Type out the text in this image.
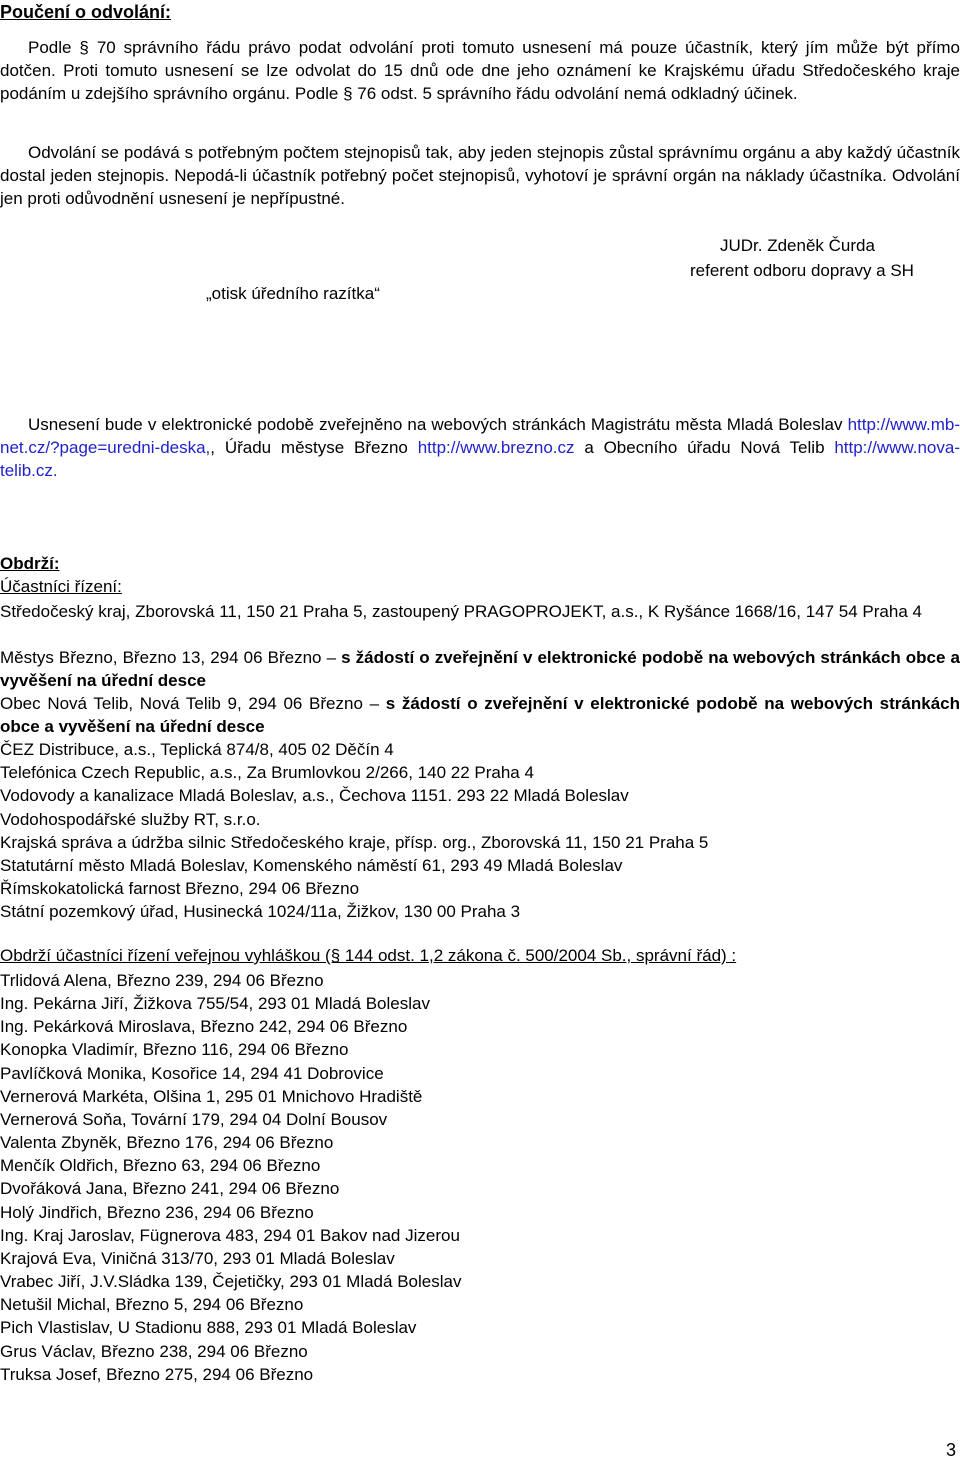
Poučení o odvolání:
Podle § 70 správního řádu právo podat odvolání proti tomuto usnesení má pouze účastník, který jím může být přímo dotčen. Proti tomuto usnesení se lze odvolat do 15 dnů ode dne jeho oznámení ke Krajskému úřadu Středočeského kraje podáním u zdejšího správního orgánu. Podle § 76 odst. 5 správního řádu odvolání nemá odkladný účinek.
Odvolání se podává s potřebným počtem stejnopisů tak, aby jeden stejnopis zůstal správnímu orgánu a aby každý účastník dostal jeden stejnopis. Nepodá-li účastník potřebný počet stejnopisů, vyhotoví je správní orgán na náklady účastníka. Odvolání jen proti odůvodnění usnesení je nepřípustné.
JUDr. Zdeněk Čurda
referent odboru dopravy a SH
„otisk úředního razítka“
Usnesení bude v elektronické podobě zveřejněno na webových stránkách Magistrátu města Mladá Boleslav http://www.mb-net.cz/?page=uredni-deska,, Úřadu městyse Březno http://www.brezno.cz a Obecního úřadu Nová Telib http://www.nova-telib.cz.
Obdrží:
Účastníci řízení:
Středočeský kraj, Zborovská 11, 150 21 Praha 5, zastoupený PRAGOPROJEKT, a.s., K Ryšánce 1668/16, 147 54 Praha 4
Městys Březno, Březno 13, 294 06 Březno – s žádostí o zveřejnění v elektronické podobě na webových stránkách obce a vyvěšení na úřední desce
Obec Nová Telib, Nová Telib 9, 294 06 Březno – s žádostí o zveřejnění v elektronické podobě na webových stránkách obce a vyvěšení na úřední desce
ČEZ Distribuce, a.s., Teplická 874/8, 405 02 Děčín 4
Telefónica Czech Republic, a.s., Za Brumlovkou 2/266, 140 22 Praha 4
Vodovody a kanalizace Mladá Boleslav, a.s., Čechova 1151. 293 22 Mladá Boleslav
Vodohospodářské služby RT, s.r.o.
Krajská správa a údržba silnic Středočeského kraje, přísp. org., Zborovská 11, 150 21 Praha 5
Statutární město Mladá Boleslav, Komenského náměstí 61, 293 49 Mladá Boleslav
Římskokatolická farnost Březno, 294 06 Březno
Státní pozemkový úřad, Husinecká 1024/11a, Žižkov, 130 00 Praha 3
Obdrží účastníci řízení veřejnou vyhláškou (§ 144 odst. 1,2 zákona č. 500/2004 Sb., správní řád) :
Trlidová Alena, Březno 239, 294 06 Březno
Ing. Pekárna Jiří, Žižkova 755/54, 293 01 Mladá Boleslav
Ing. Pekárková Miroslava, Březno 242, 294 06 Březno
Konopka Vladimír, Březno 116, 294 06 Březno
Pavlíčková Monika, Kosořice 14, 294 41 Dobrovice
Vernerová Markéta, Olšina 1, 295 01 Mnichovo Hradiště
Vernerová Soňa, Tovární 179, 294 04 Dolní Bousov
Valenta Zbyněk, Březno 176, 294 06 Březno
Menčík Oldřich, Březno 63, 294 06 Březno
Dvořáková Jana, Březno 241, 294 06 Březno
Holý Jindřich, Březno 236, 294 06 Březno
Ing. Kraj Jaroslav, Fügnerova 483, 294 01 Bakov nad Jizerou
Krajová Eva, Viničná 313/70, 293 01 Mladá Boleslav
Vrabec Jiří, J.V.Sládka 139, Čejetičky, 293 01 Mladá Boleslav
Netušil Michal, Březno 5, 294 06 Březno
Pich Vlastislav, U Stadionu 888, 293 01 Mladá Boleslav
Grus Václav, Březno 238, 294 06 Březno
Truksa Josef, Březno 275, 294 06 Březno
3
